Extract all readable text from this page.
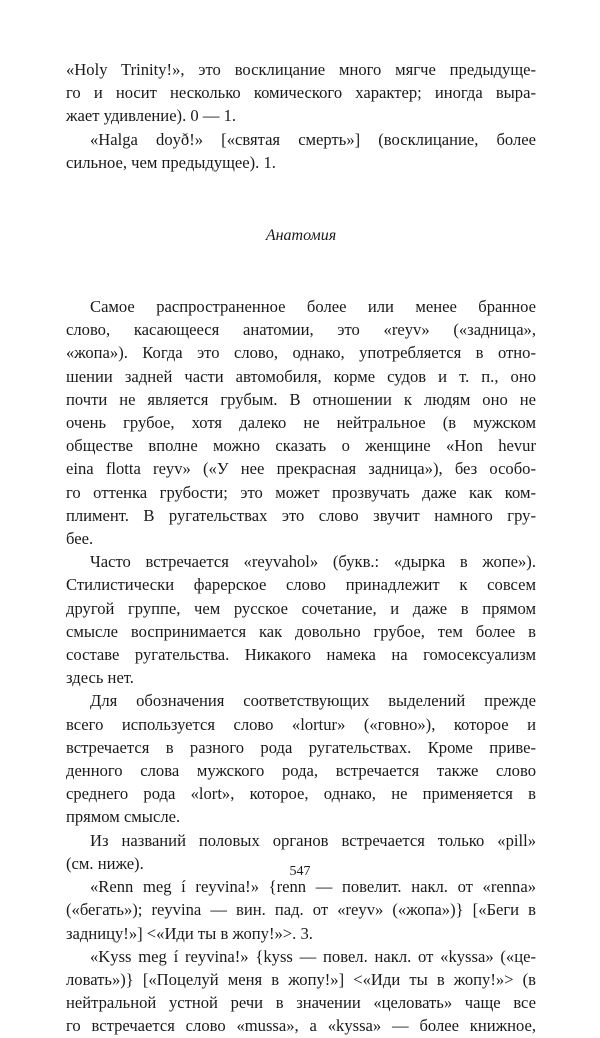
«Holy Trinity!», это восклицание много мягче предыдуще-
го и носит несколько комического характер; иногда выра-
жает удивление). 0 — 1.
«Halga doyð!» [«святая смерть»] (восклицание, более
сильное, чем предыдущее). 1.
Анатомия
Самое распространенное более или менее бранное
слово, касающееся анатомии, это «reyv» («задница»,
«жопа»). Когда это слово, однако, употребляется в отно-
шении задней части автомобиля, корме судов и т. п., оно
почти не является грубым. В отношении к людям оно не
очень грубое, хотя далеко не нейтральное (в мужском
обществе вполне можно сказать о женщине «Hon hevur
eina flotta reyv» («У нее прекрасная задница»), без особо-
го оттенка грубости; это может прозвучать даже как ком-
плимент. В ругательствах это слово звучит намного гру-
бее.
Часто встречается «reyvahol» (букв.: «дырка в жопе»).
Стилистически фарерское слово принадлежит к совсем
другой группе, чем русское сочетание, и даже в прямом
смысле воспринимается как довольно грубое, тем более в
составе ругательства. Никакого намека на гомосексуализм
здесь нет.
Для обозначения соответствующих выделений прежде
всего используется слово «lortur» («говно»), которое и
встречается в разного рода ругательствах. Кроме приве-
денного слова мужского рода, встречается также слово
среднего рода «lort», которое, однако, не применяется в
прямом смысле.
Из названий половых органов встречается только «pill»
(см. ниже).
«Renn meg í reyvina!» {renn — повелит. накл. от «renna»
(«бегать»); reyvina — вин. пад. от «reyv» («жопа»)} [«Беги в
задницу!»] <«Иди ты в жопу!»>. 3.
«Kyss meg í reyvina!» {kyss — повел. накл. от «kyssa» («це-
ловать»)} [«Поцелуй меня в жопу!»] <«Иди ты в жопу!»> (в
нейтральной устной речи в значении «целовать» чаще все
го встречается слово «mussa», а «kyssa» — более книжное,
547
